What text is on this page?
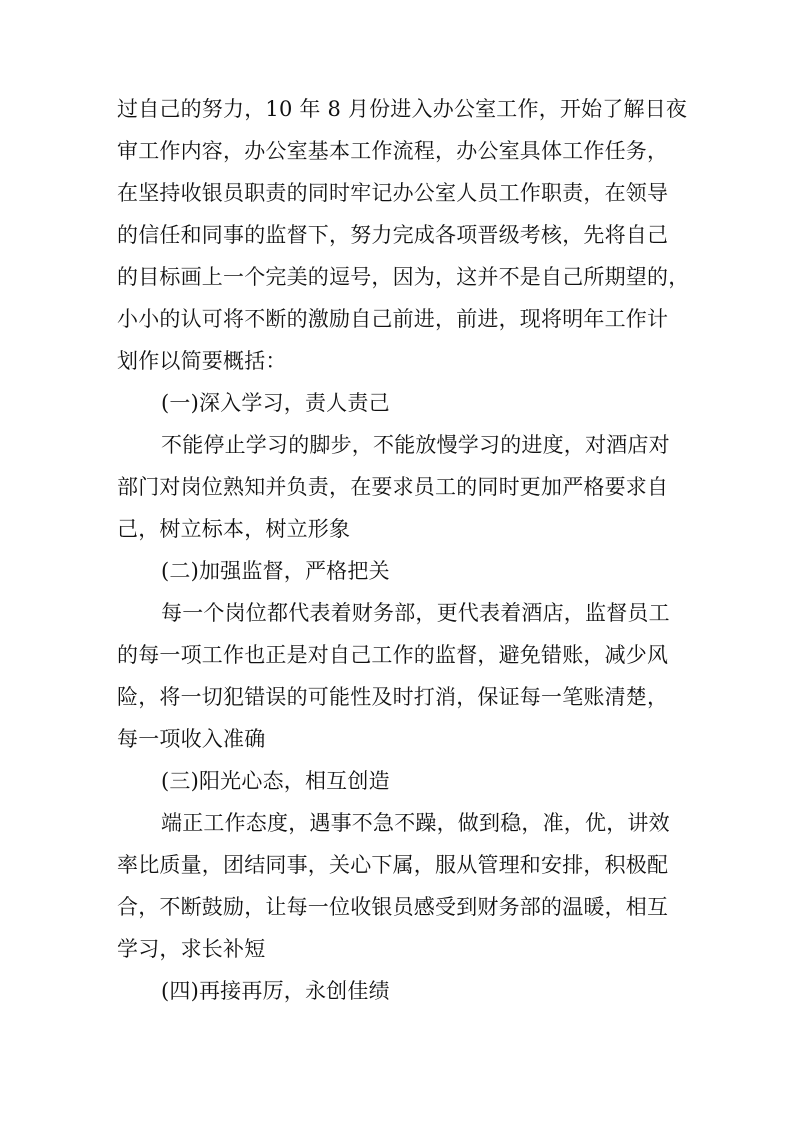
过自己的努力，10 年 8 月份进入办公室工作，开始了解日夜
审工作内容，办公室基本工作流程，办公室具体工作任务，
在坚持收银员职责的同时牢记办公室人员工作职责，在领导
的信任和同事的监督下，努力完成各项晋级考核，先将自己
的目标画上一个完美的逗号，因为，这并不是自己所期望的，
小小的认可将不断的激励自己前进，前进，现将明年工作计
划作以简要概括：
(一)深入学习，责人责己
不能停止学习的脚步，不能放慢学习的进度，对酒店对
部门对岗位熟知并负责，在要求员工的同时更加严格要求自
己，树立标本，树立形象
(二)加强监督，严格把关
每一个岗位都代表着财务部，更代表着酒店，监督员工
的每一项工作也正是对自己工作的监督，避免错账，减少风
险，将一切犯错误的可能性及时打消，保证每一笔账清楚，
每一项收入准确
(三)阳光心态，相互创造
端正工作态度，遇事不急不躁，做到稳，准，优，讲效
率比质量，团结同事，关心下属，服从管理和安排，积极配
合，不断鼓励，让每一位收银员感受到财务部的温暖，相互
学习，求长补短
(四)再接再厉，永创佳绩
